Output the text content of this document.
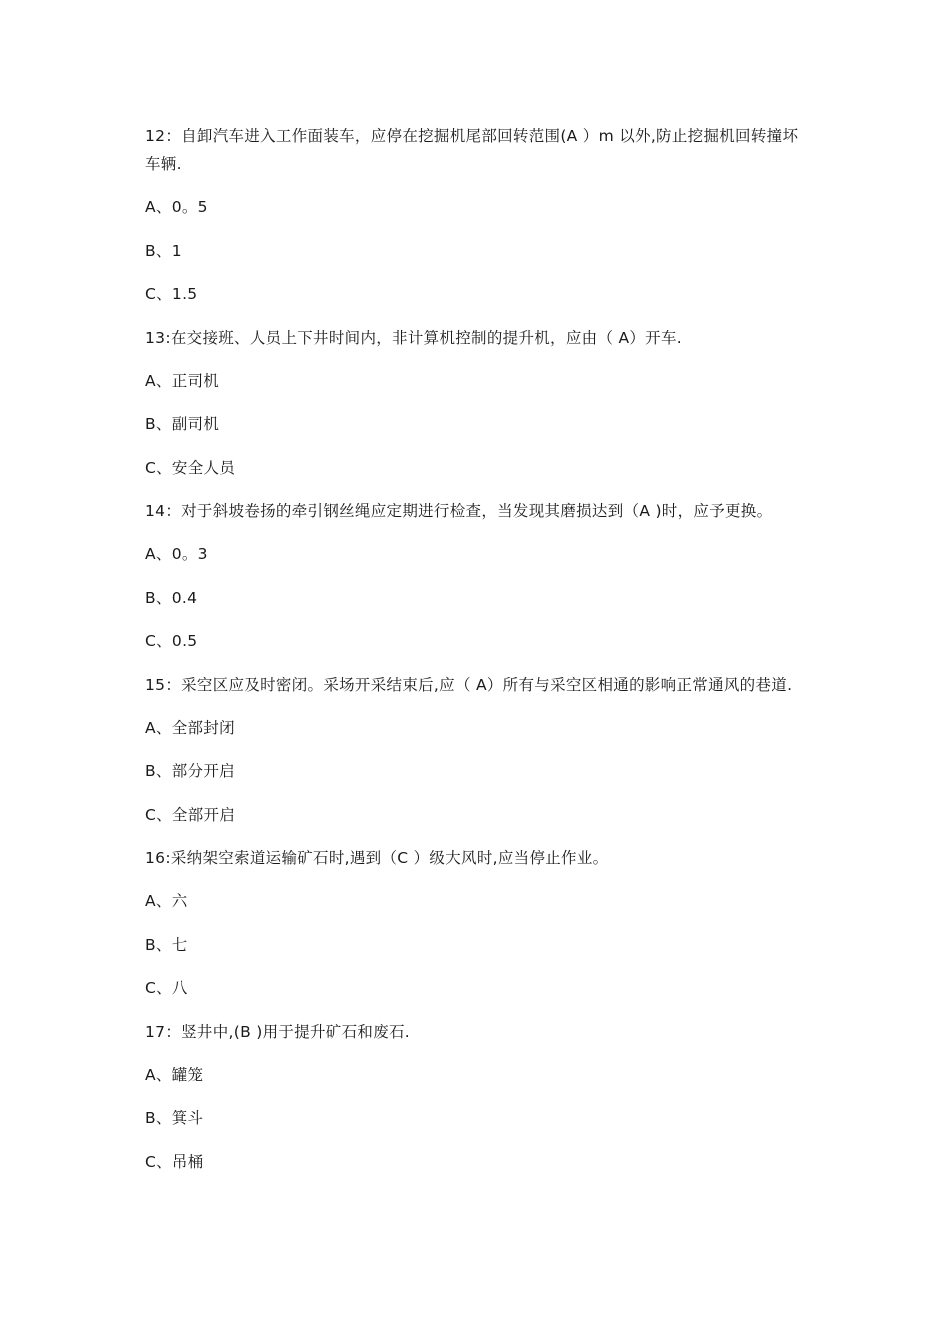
12：自卸汽车进入工作面装车，应停在挖掘机尾部回转范围(A ）m 以外,防止挖掘机回转撞坏车辆.

A、0。5

B、1

C、1.5

13:在交接班、人员上下井时间内，非计算机控制的提升机，应由（ A）开车.

A、正司机

B、副司机

C、安全人员

14：对于斜坡卷扬的牵引钢丝绳应定期进行检查，当发现其磨损达到（A )时，应予更换。

A、0。3

B、0.4

C、0.5

15：采空区应及时密闭。采场开采结束后,应（ A）所有与采空区相通的影响正常通风的巷道.

A、全部封闭

B、部分开启

C、全部开启

16:采纳架空索道运输矿石时,遇到（C ）级大风时,应当停止作业。

A、六

B、七

C、八

17：竖井中,(B )用于提升矿石和废石.

A、罐笼

B、箕斗

C、吊桶
